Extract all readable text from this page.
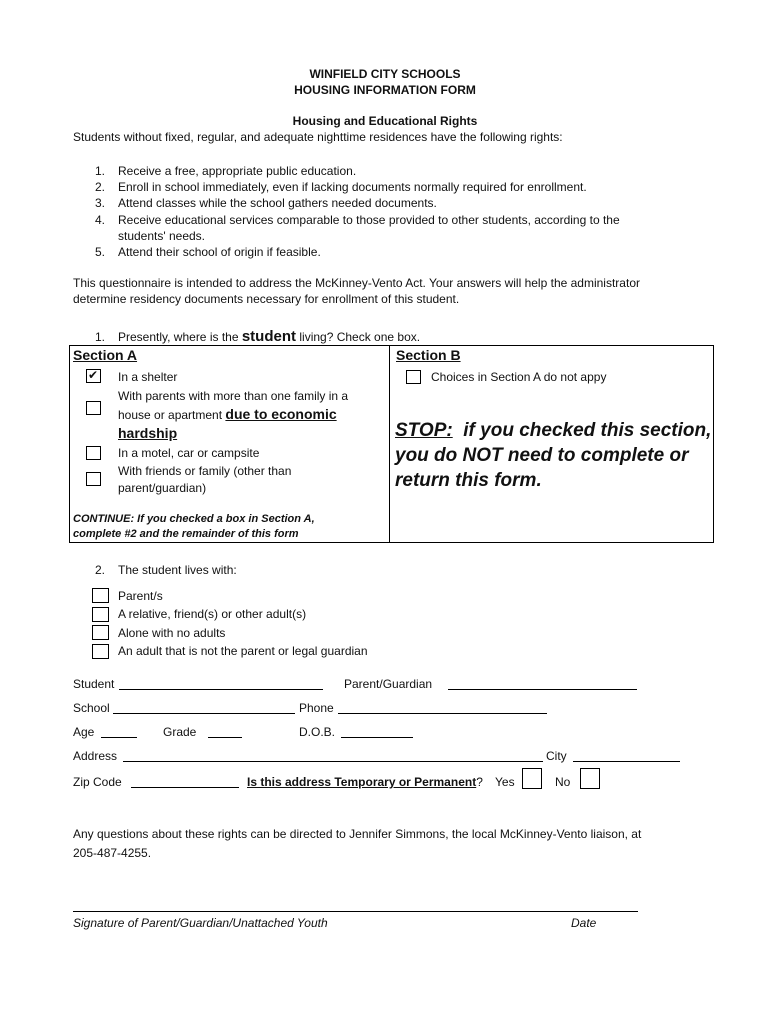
WINFIELD CITY SCHOOLS
HOUSING INFORMATION FORM
Housing and Educational Rights
Students without fixed, regular, and adequate nighttime residences have the following rights:
1. Receive a free, appropriate public education.
2. Enroll in school immediately, even if lacking documents normally required for enrollment.
3. Attend classes while the school gathers needed documents.
4. Receive educational services comparable to those provided to other students, according to the
students' needs.
5. Attend their school of origin if feasible.
This questionnaire is intended to address the McKinney-Vento Act. Your answers will help the administrator
determine residency documents necessary for enrollment of this student.
1. Presently, where is the student living? Check one box.
Section A
✔
In a shelter
With parents with more than one family in a
house or apartment due to economic
hardship
In a motel, car or campsite
With friends or family (other than
parent/guardian)
CONTINUE: If you checked a box in Section A,
complete #2 and the remainder of this form
Section B
Choices in Section A do not appy
STOP: if you checked this section,
you do NOT need to complete or
return this form.
2. The student lives with:
Parent/s
A relative, friend(s) or other adult(s)
Alone with no adults
An adult that is not the parent or legal guardian
Student	Parent/Guardian
School	Phone
Age	Grade	D.O.B.
Address	City
Zip Code	Is this address Temporary or Permanent? Yes	No
Any questions about these rights can be directed to Jennifer Simmons, the local McKinney-Vento liaison, at
205-487-4255.
Signature of Parent/Guardian/Unattached Youth	Date
